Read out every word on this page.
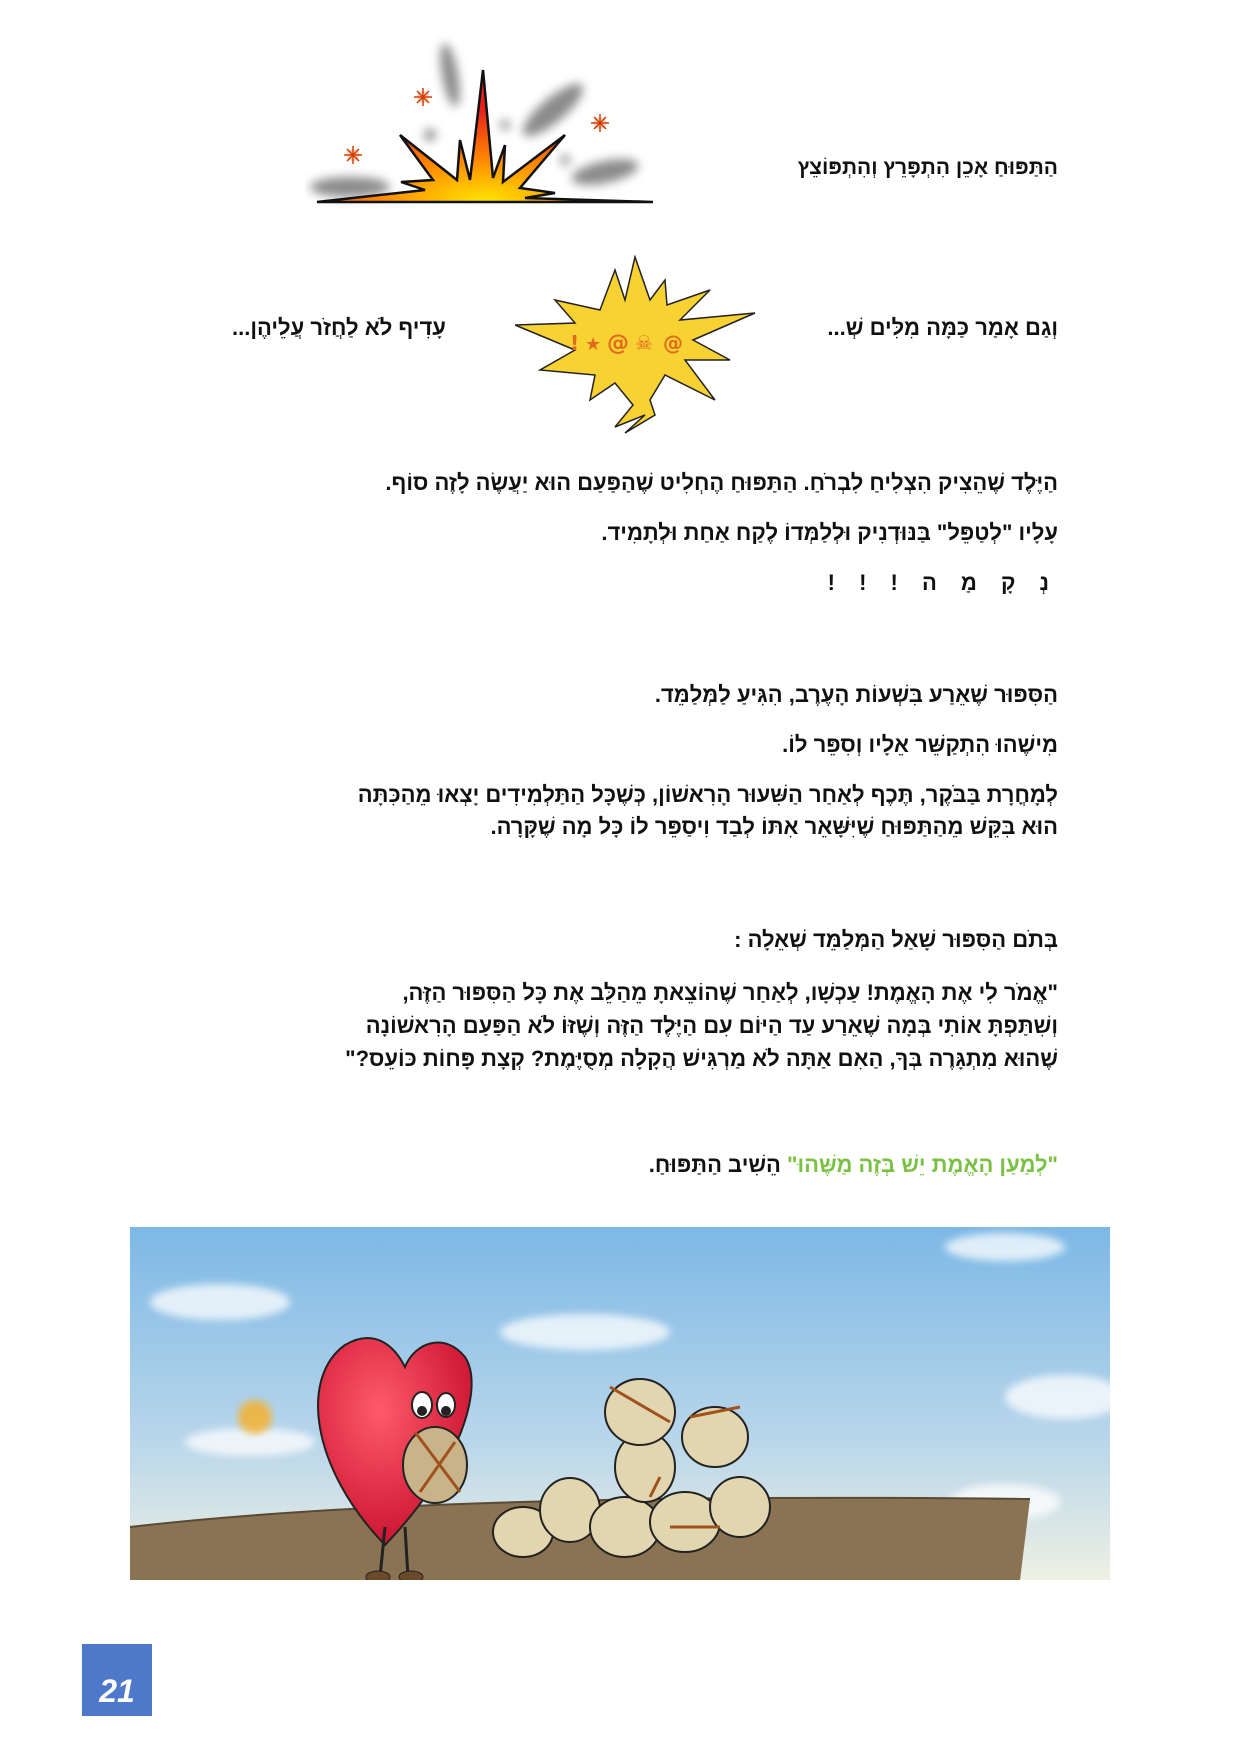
הַתַּפּוּחַ אָכֵן הִתְפָּרֵץ וְהִתְפּוֹצֵץ
! ★ @ ☠ @
וְגַם אָמַר כַּמָּה מִלִּים שְׁ...
עָדִיף לֹא לַחֲזֹר עֲלֵיהֶן...
הַיֶּלֶד שֶׁהֵצִיק הִצְלִיחַ לִבְרֹחַ. הַתַּפּוּחַ הֶחְלִיט שֶׁהַפַּעַם הוּא יַעֲשֶׂה לָזֶה סוֹף.
עָלָיו "לְטַפֵּל" בַּנּוּדְנִיק וּלְלַמְּדוֹ לֶקַח אַחַת וּלְתָמִיד.
נְ קָ מַ ה ! ! !
הַסִּפּוּר שֶׁאֵרַע בִּשְׁעוֹת הָעֶרֶב, הִגִּיעַ לַמְּלַמֵּד.
מִישֶׁהוּ הִתְקַשֵּׁר אֵלָיו וְסִפֵּר לוֹ.
לְמָחֳרָת בַּבֹּקֶר, תֶּכֶף לְאַחַר הַשִּׁעוּר הָרִאשׁוֹן, כְּשֶׁכָּל הַתַּלְמִידִים יָצְאוּ מֵהַכִּתָּה
הוּא בִּקֵּשׁ מֵהַתַּפּוּחַ שֶׁיִּשָּׁאֵר אִתּוֹ לְבַד וִיסַפֵּר לוֹ כָּל מָה שֶׁקָּרָה.
בְּתֹם הַסִּפּוּר שָׁאַל הַמְּלַמֵּד שְׁאֵלָה :
"אֱמֹר לִי אֶת הָאֱמֶת! עַכְשָׁו, לְאַחַר שֶׁהוֹצֵאתָ מֵהַלֵּב אֶת כָּל הַסִּפּוּר הַזֶּה,
וְשִׁתַּפְתָּ אוֹתִי בְּמָה שֶׁאֵרַע עַד הַיּוֹם עִם הַיֶּלֶד הַזֶּה וְשֶׁזּוֹ לֹא הַפַּעַם הָרִאשׁוֹנָה
שֶׁהוּא מִתְגָּרֶה בְּךָ, הַאִם אַתָּה לֹא מַרְגִּישׁ הֲקָלָה מְסֻיֶּמֶת? קְצָת פָּחוֹת כּוֹעֵס?"
"לְמַעַן הָאֱמֶת יֵשׁ בְּזֶה מַשֶּׁהוּ" הֵשִׁיב הַתַּפּוּחַ.
21
